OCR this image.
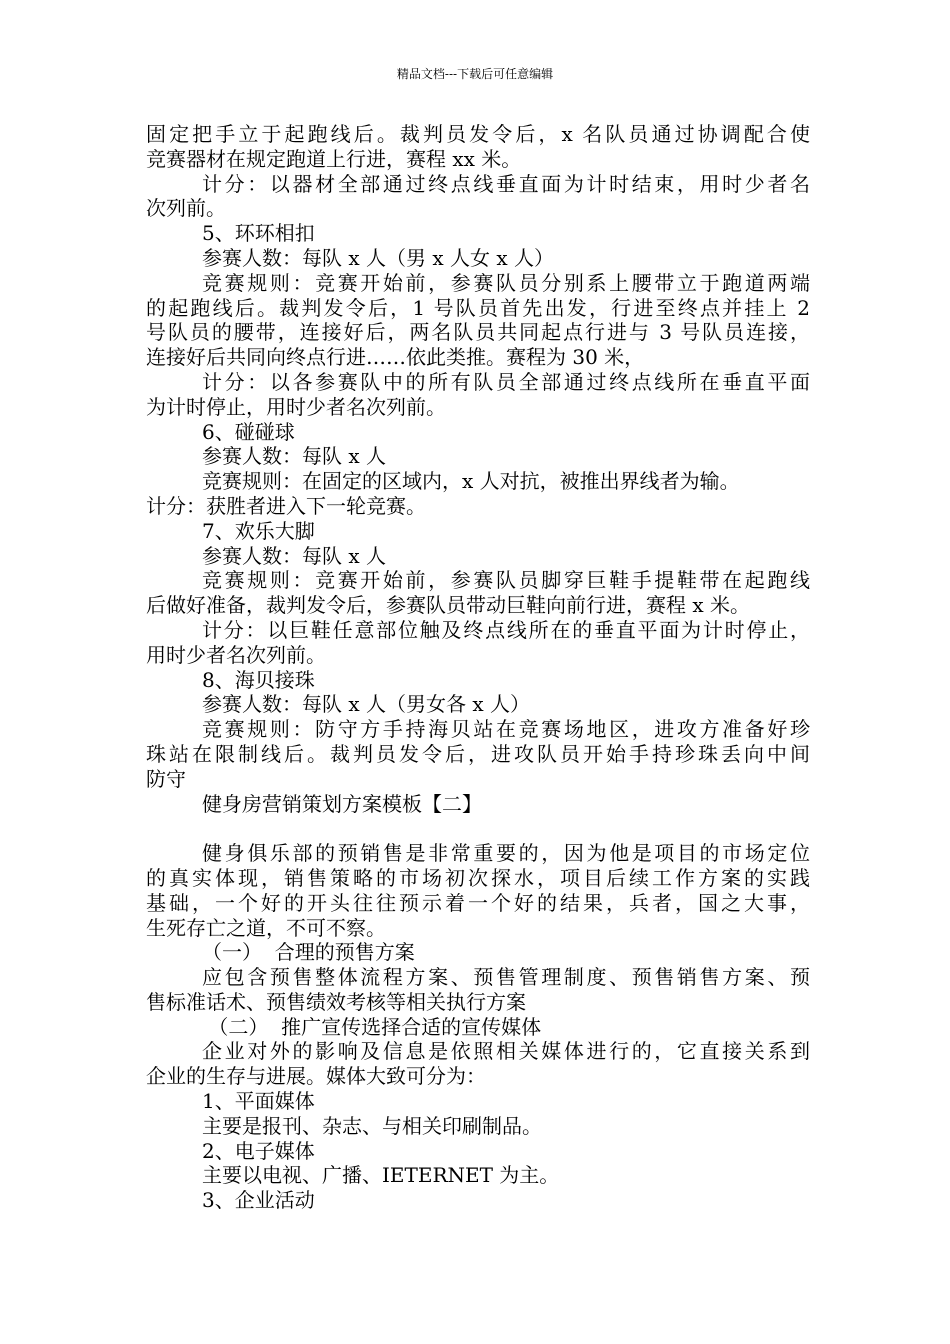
精品文档---下载后可任意编辑

固定把手立于起跑线后。裁判员发令后，x 名队员通过协调配合使

竞赛器材在规定跑道上行进，赛程 xx 米。

计分：以器材全部通过终点线垂直面为计时结束，用时少者名

次列前。

5、环环相扣

参赛人数：每队 x 人（男 x 人女 x 人）

竞赛规则：竞赛开始前，参赛队员分别系上腰带立于跑道两端

的起跑线后。裁判发令后，1 号队员首先出发，行进至终点并挂上 2

号队员的腰带，连接好后，两名队员共同起点行进与 3 号队员连接，

连接好后共同向终点行进……依此类推。赛程为 30 米，

计分：以各参赛队中的所有队员全部通过终点线所在垂直平面

为计时停止，用时少者名次列前。

6、碰碰球

参赛人数：每队 x 人

竞赛规则：在固定的区域内，x 人对抗，被推出界线者为输。

计分：获胜者进入下一轮竞赛。

7、欢乐大脚

参赛人数：每队 x 人

竞赛规则：竞赛开始前，参赛队员脚穿巨鞋手提鞋带在起跑线

后做好准备，裁判发令后，参赛队员带动巨鞋向前行进，赛程 x 米。

计分：以巨鞋任意部位触及终点线所在的垂直平面为计时停止，

用时少者名次列前。

8、海贝接珠

参赛人数：每队 x 人（男女各 x 人）

竞赛规则：防守方手持海贝站在竞赛场地区，进攻方准备好珍

珠站在限制线后。裁判员发令后，进攻队员开始手持珍珠丢向中间

防守

健身房营销策划方案模板【二】

健身俱乐部的预销售是非常重要的，因为他是项目的市场定位

的真实体现，销售策略的市场初次探水，项目后续工作方案的实践

基础，一个好的开头往往预示着一个好的结果，兵者，国之大事，

生死存亡之道，不可不察。

（一）  合理的预售方案

应包含预售整体流程方案、预售管理制度、预售销售方案、预

售标准话术、预售绩效考核等相关执行方案

（二）  推广宣传选择合适的宣传媒体

企业对外的影响及信息是依照相关媒体进行的，它直接关系到

企业的生存与进展。媒体大致可分为：

1、平面媒体

主要是报刊、杂志、与相关印刷制品。

2、电子媒体

主要以电视、广播、IETERNET 为主。

3、企业活动
